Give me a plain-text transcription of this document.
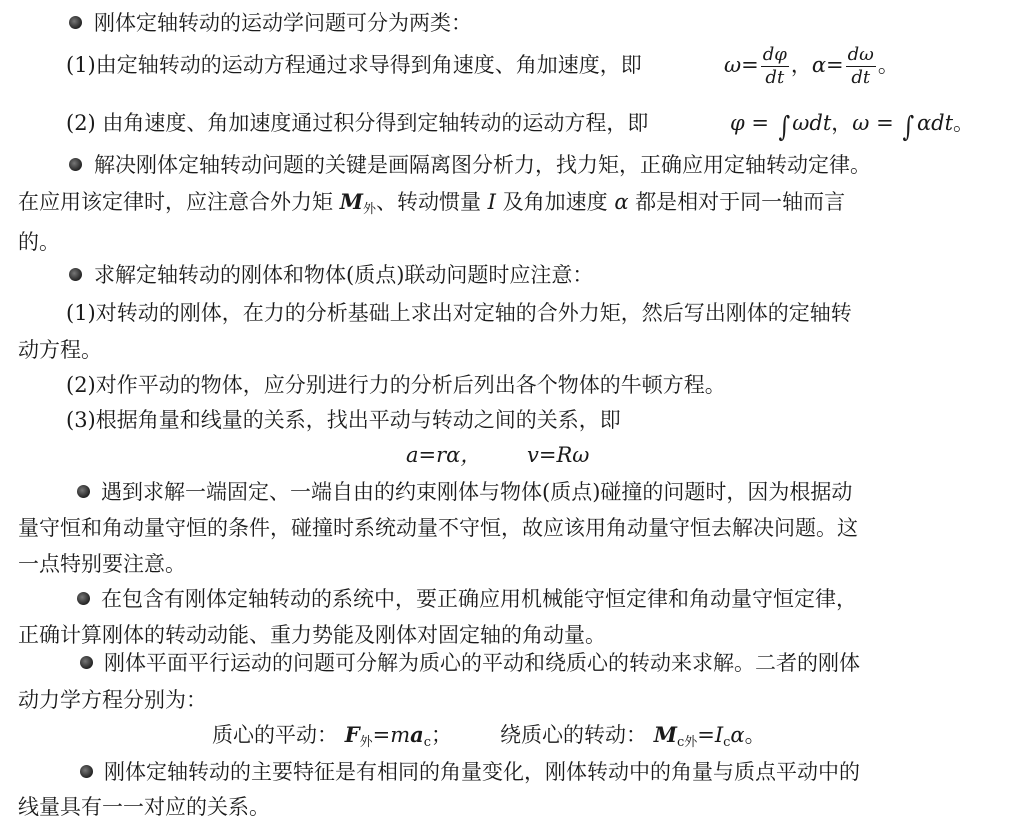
刚体定轴转动的运动学问题可分为两类：
(1)由定轴转动的运动方程通过求导得到角速度、角加速度，即	$\omega= \frac{d\varphi}{dt}$ ，$\alpha= \frac{d\omega}{dt}$ 。
(2) 由角速度、角加速度通过积分得到定轴转动的运动方程，即	φ = ∫ ωdt，ω = ∫ αdt。
解决刚体定轴转动问题的关键是画隔离图分析力，找力矩，正确应用定轴转动定律。
在应用该定律时，应注意合外力矩 $M_外$、转动惯量 I 及角加速度 α 都是相对于同一轴而言
的。
求解定轴转动的刚体和物体(质点)联动问题时应注意：
(1)对转动的刚体，在力的分析基础上求出对定轴的合外力矩，然后写出刚体的定轴转
动方程。
(2)对作平动的物体，应分别进行力的分析后列出各个物体的牛顿方程。
(3)根据角量和线量的关系，找出平动与转动之间的关系，即
a=rα， v=Rω
遇到求解一端固定、一端自由的约束刚体与物体(质点)碰撞的问题时，因为根据动
量守恒和角动量守恒的条件，碰撞时系统动量不守恒，故应该用角动量守恒去解决问题。这
一点特别要注意。
在包含有刚体定轴转动的系统中，要正确应用机械能守恒定律和角动量守恒定律，
正确计算刚体的转动动能、重力势能及刚体对固定轴的角动量。
刚体平面平行运动的问题可分解为质心的平动和绕质心的转动来求解。二者的刚体
动力学方程分别为：
质心的平动： $F_外=ma_c$； 绕质心的转动： $M_{c外}=I_c\alpha$。
刚体定轴转动的主要特征是有相同的角量变化，刚体转动中的角量与质点平动中的
线量具有一一对应的关系。
